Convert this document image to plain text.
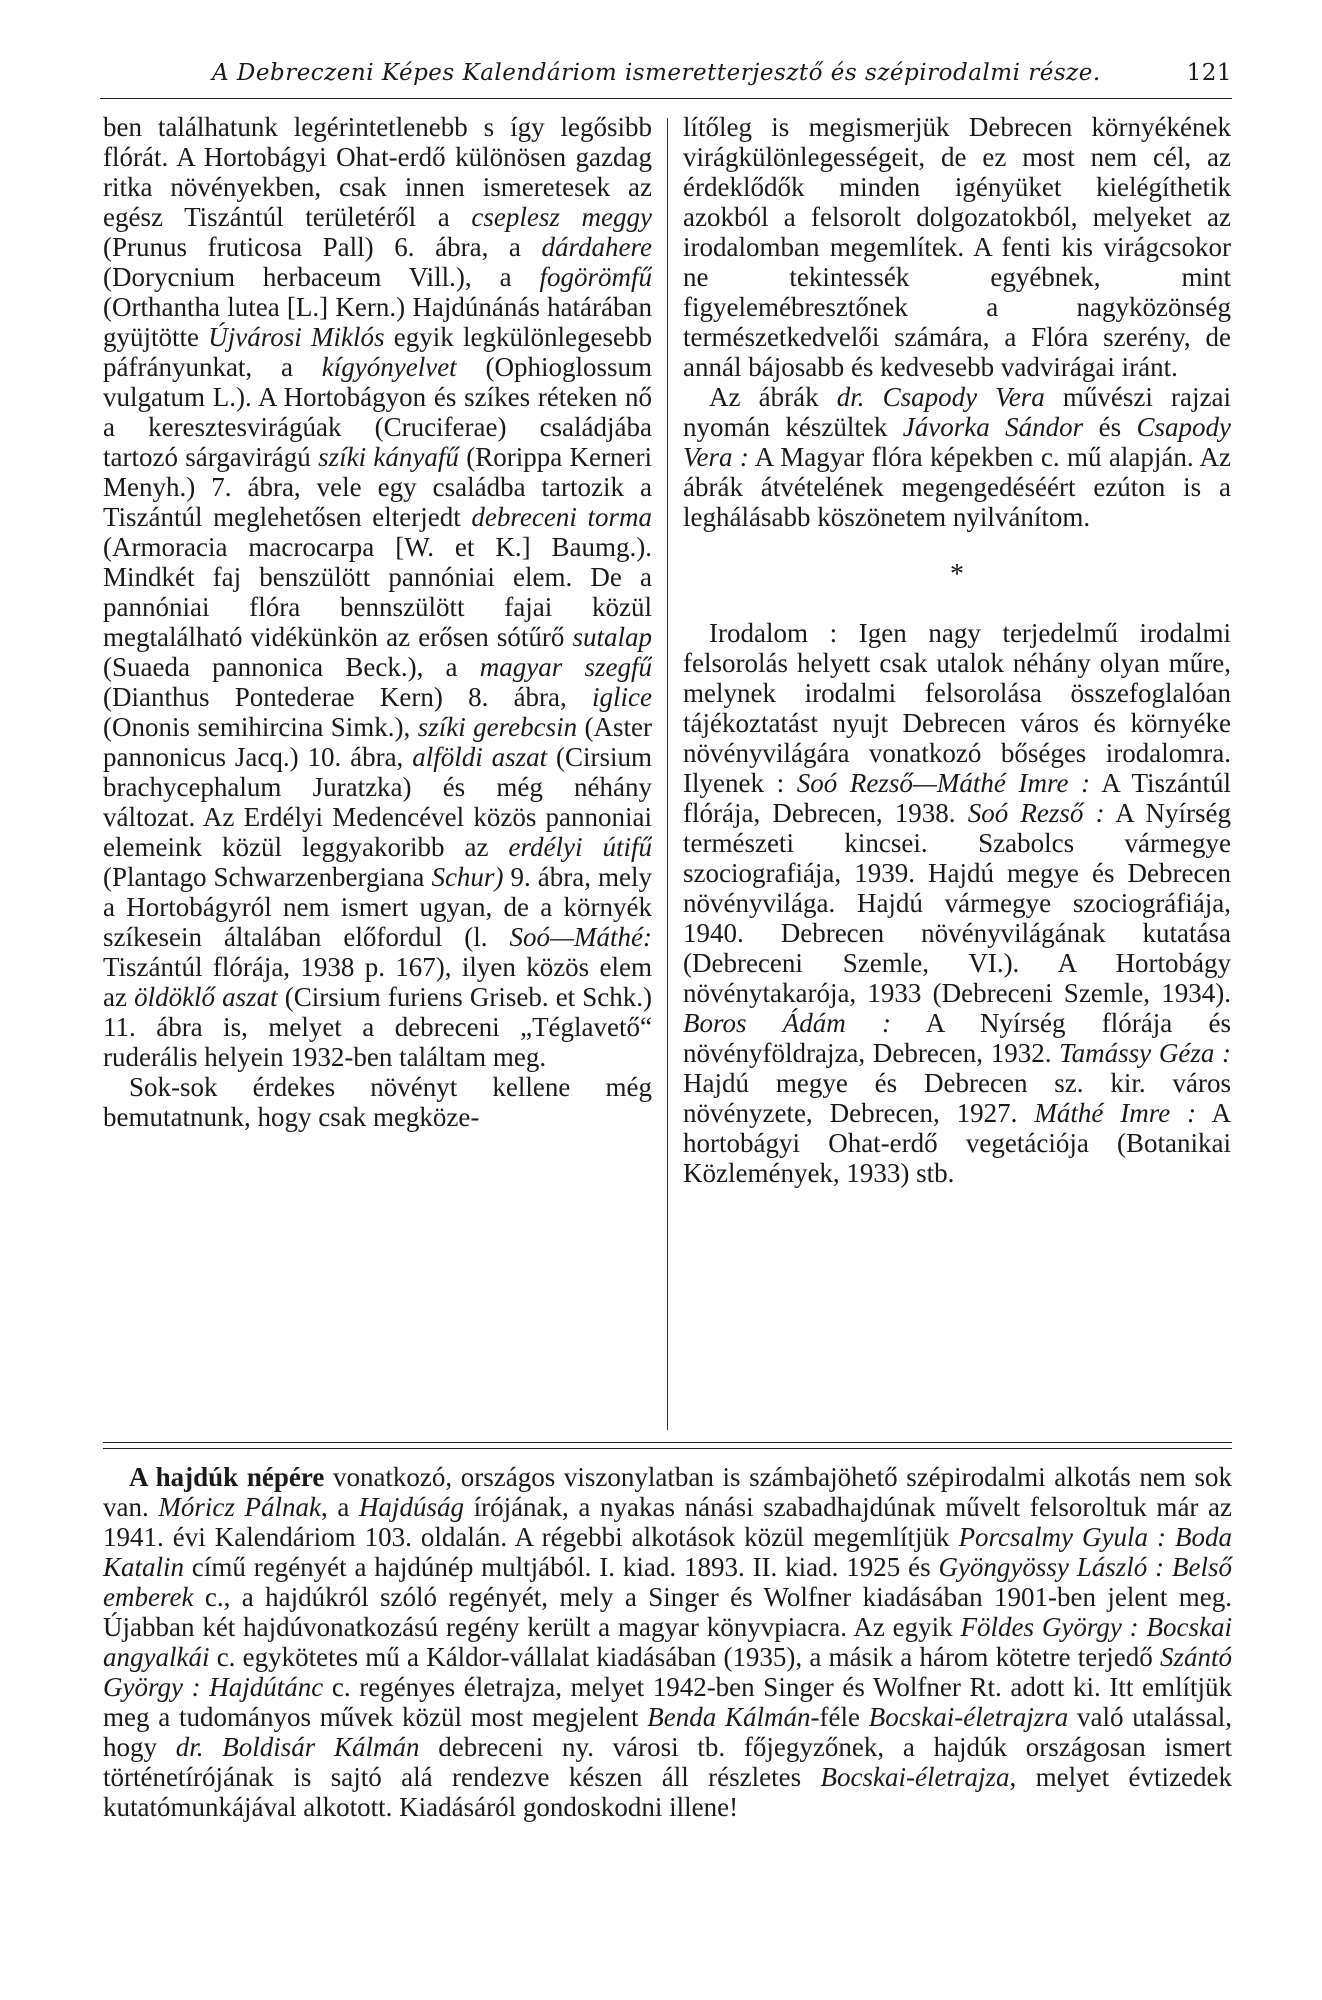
A Debreczeni Képes Kalendáriom ismeretterjesztő és szépirodalmi része.	121

ben találhatunk legérintetlenebb s így legősibb flórát. A Hortobágyi Ohat-erdő különösen gazdag ritka növényekben, csak innen ismeretesek az egész Tiszántúl területéről a cseplesz meggy (Prunus fruticosa Pall) 6. ábra, a dárdahere (Dorycnium herbaceum Vill.), a fogörömfű (Orthantha lutea [L.] Kern.) Hajdúnánás határában gyüjtötte Újvárosi Miklós egyik legkülönlegesebb páfrányunkat, a kígyónyelvet (Ophioglossum vulgatum L.). A Hortobágyon és szíkes réteken nő a keresztesvirágúak (Cruciferae) családjába tartozó sárgavirágú szíki kányafű (Rorippa Kerneri Menyh.) 7. ábra, vele egy családba tartozik a Tiszántúl meglehetősen elterjedt debreceni torma (Armoracia macrocarpa [W. et K.] Baumg.). Mindkét faj benszülött pannóniai elem. De a pannóniai flóra bennszülött fajai közül megtalálható vidékünkön az erősen sótűrő sutalap (Suaeda pannonica Beck.), a magyar szegfű (Dianthus Pontederae Kern) 8. ábra, iglice (Ononis semihircina Simk.), szíki gerebcsin (Aster pannonicus Jacq.) 10. ábra, alföldi aszat (Cirsium brachycephalum Juratzka) és még néhány változat. Az Erdélyi Medencével közös pannoniai elemeink közül leggyakoribb az erdélyi útifű (Plantago Schwarzenbergiana Schur) 9. ábra, mely a Hortobágyról nem ismert ugyan, de a környék szíkesein általában előfordul (l. Soó—Máthé: Tiszántúl flórája, 1938 p. 167), ilyen közös elem az öldöklő aszat (Cirsium furiens Griseb. et Schk.) 11. ábra is, melyet a debreceni „Téglavető“ ruderális helyein 1932-ben találtam meg.

Sok-sok érdekes növényt kellene még bemutatnunk, hogy csak megköze-

lítőleg is megismerjük Debrecen környékének virágkülönlegességeit, de ez most nem cél, az érdeklődők minden igényüket kielégíthetik azokból a felsorolt dolgozatokból, melyeket az irodalomban megemlítek. A fenti kis virágcsokor ne tekintessék egyébnek, mint figyelemébresztőnek a nagyközönség természetkedvelői számára, a Flóra szerény, de annál bájosabb és kedvesebb vadvirágai iránt.

Az ábrák dr. Csapody Vera művészi rajzai nyomán készültek Jávorka Sándor és Csapody Vera : A Magyar flóra képekben c. mű alapján. Az ábrák átvételének megengedéséért ezúton is a leghálásabb köszönetem nyilvánítom.

*

Irodalom : Igen nagy terjedelmű irodalmi felsorolás helyett csak utalok néhány olyan műre, melynek irodalmi felsorolása összefoglalóan tájékoztatást nyujt Debrecen város és környéke növényvilágára vonatkozó bőséges irodalomra. Ilyenek : Soó Rezső—Máthé Imre : A Tiszántúl flórája, Debrecen, 1938. Soó Rezső : A Nyírség természeti kincsei. Szabolcs vármegye szociografiája, 1939. Hajdú megye és Debrecen növényvilága. Hajdú vármegye szociográfiája, 1940. Debrecen növényvilágának kutatása (Debreceni Szemle, VI.). A Hortobágy növénytakarója, 1933 (Debreceni Szemle, 1934). Boros Ádám : A Nyírség flórája és növényföldrajza, Debrecen, 1932. Tamássy Géza : Hajdú megye és Debrecen sz. kir. város növényzete, Debrecen, 1927. Máthé Imre : A hortobágyi Ohat-erdő vegetációja (Botanikai Közlemények, 1933) stb.

A hajdúk népére vonatkozó, országos viszonylatban is számbajöhető szépirodalmi alkotás nem sok van. Móricz Pálnak, a Hajdúság írójának, a nyakas nánási szabadhajdúnak művelt felsoroltuk már az 1941. évi Kalendáriom 103. oldalán. A régebbi alkotások közül megemlítjük Porcsalmy Gyula : Boda Katalin című regényét a hajdúnép multjából. I. kiad. 1893. II. kiad. 1925 és Gyöngyössy László : Belső emberek c., a hajdúkról szóló regényét, mely a Singer és Wolfner kiadásában 1901-ben jelent meg. Újabban két hajdúvonatkozású regény került a magyar könyvpiacra. Az egyik Földes György : Bocskai angyalkái c. egykötetes mű a Káldor-vállalat kiadásában (1935), a másik a három kötetre terjedő Szántó György : Hajdútánc c. regényes életrajza, melyet 1942-ben Singer és Wolfner Rt. adott ki. Itt említjük meg a tudományos művek közül most megjelent Benda Kálmán-féle Bocskai-életrajzra való utalással, hogy dr. Boldisár Kálmán debreceni ny. városi tb. főjegyzőnek, a hajdúk országosan ismert történetírójának is sajtó alá rendezve készen áll részletes Bocskai-életrajza, melyet évtizedek kutatómunkájával alkotott. Kiadásáról gondoskodni illene!
